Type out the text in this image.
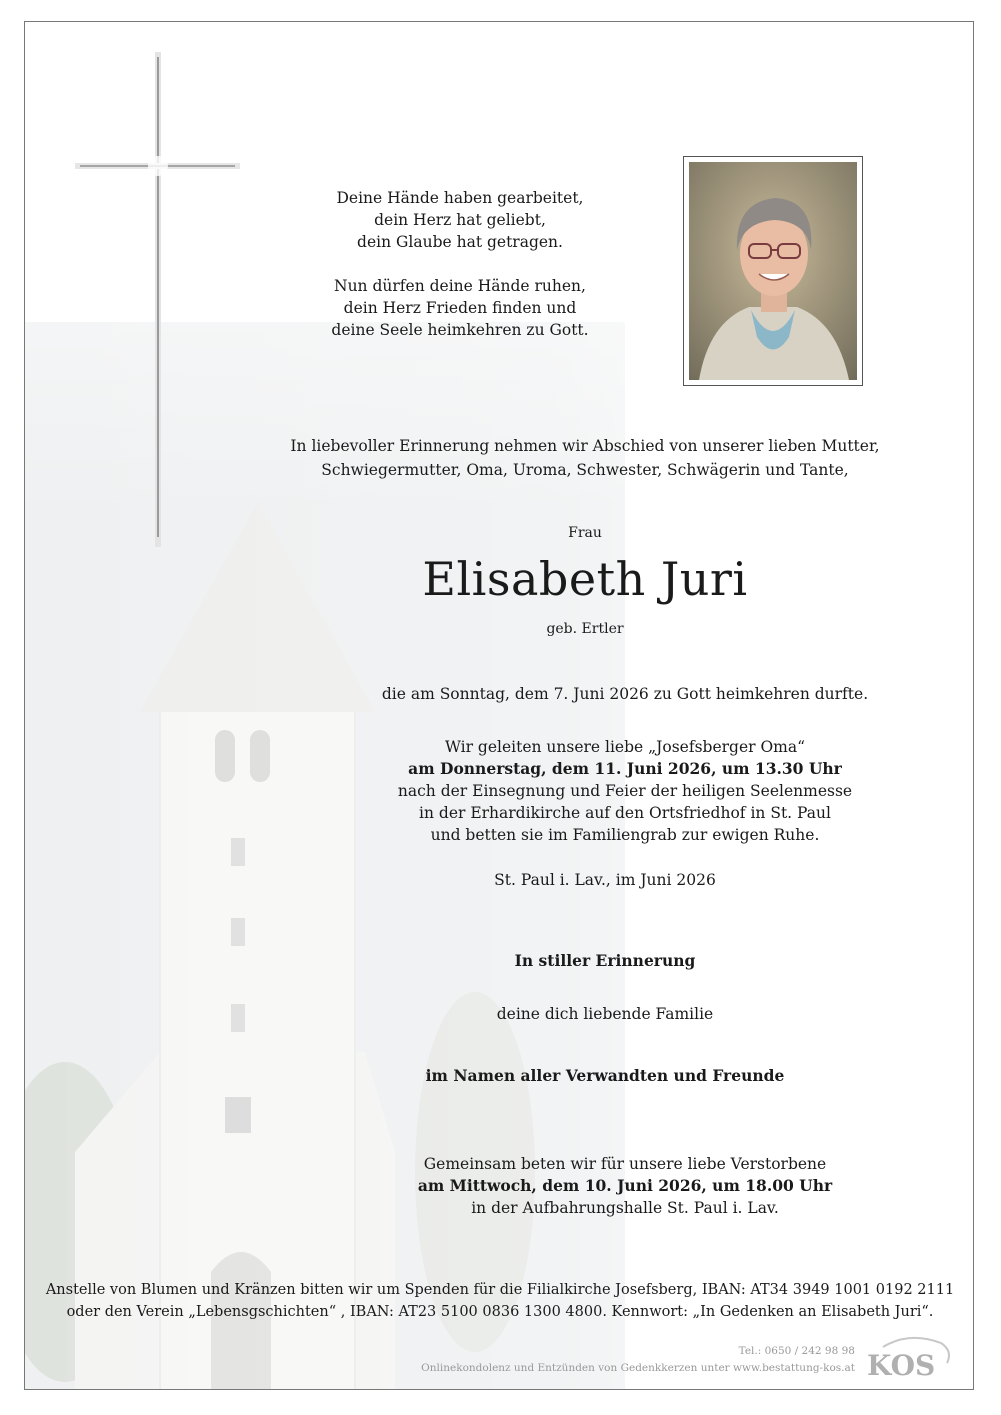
Deine Hände haben gearbeitet,
dein Herz hat geliebt,
dein Glaube hat getragen.

Nun dürfen deine Hände ruhen,
dein Herz Frieden finden und
deine Seele heimkehren zu Gott.

In liebevoller Erinnerung nehmen wir Abschied von unserer lieben Mutter,
Schwiegermutter, Oma, Uroma, Schwester, Schwägerin und Tante,
Frau
Elisabeth Juri
geb. Ertler
die am Sonntag, dem 7. Juni 2026 zu Gott heimkehren durfte.
Wir geleiten unsere liebe „Josefsberger Oma“
am Donnerstag, dem 11. Juni 2026, um 13.30 Uhr
nach der Einsegnung und Feier der heiligen Seelenmesse
in der Erhardikirche auf den Ortsfriedhof in St. Paul
und betten sie im Familiengrab zur ewigen Ruhe.
St. Paul i. Lav., im Juni 2026
In stiller Erinnerung
deine dich liebende Familie
im Namen aller Verwandten und Freunde
Gemeinsam beten wir für unsere liebe Verstorbene
am Mittwoch, dem 10. Juni 2026, um 18.00 Uhr
in der Aufbahrungshalle St. Paul i. Lav.
Anstelle von Blumen und Kränzen bitten wir um Spenden für die Filialkirche Josefsberg, IBAN: AT34 3949 1001 0192 2111
oder den Verein „Lebensgschichten“ , IBAN: AT23 5100 0836 1300 4800. Kennwort: „In Gedenken an Elisabeth Juri“.
Tel.: 0650 / 242 98 98
Onlinekondolenz und Entzünden von Gedenkkerzen unter www.bestattung-kos.at KOS
